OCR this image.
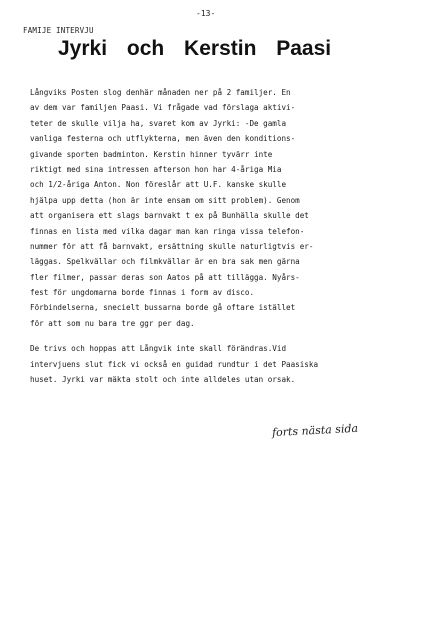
-13-
FAMIJE INTERVJU
Jyrki och Kerstin Paasi
Långviks Posten slog denhär månaden ner på 2 familjer. En
av dem var familjen Paasi. Vi frågade vad förslaga aktivi-
teter de skulle vilja ha, svaret kom av Jyrki: -De gamla
vanliga festerna och utflykterna, men även den konditions-
givande sporten badminton. Kerstin hinner tyvärr inte
riktigt med sina intressen afterson hon har 4-åriga Mia
och 1/2-åriga Anton. Non föreslår att U.F. kanske skulle
hjälpa upp detta (hon är inte ensam om sitt problem). Genom
att organisera ett slags barnvakt t ex på Bunhälla skulle det
finnas en lista med vilka dagar man kan ringa vissa telefon-
nummer för att få barnvakt, ersättning skulle naturligtvis er-
läggas. Spelkvällar och filmkvällar är en bra sak men gärna
fler filmer, passar deras son Aatos på att tillägga. Nyårs-
fest för ungdomarna borde finnas i form av disco.
Förbindelserna, snecielt bussarna borde gå oftare istället
för att som nu bara tre ggr per dag.
De trivs och hoppas att Långvik inte skall förändras.Vid
intervjuens slut fick vi också en guidad rundtur i det Paasiska
huset. Jyrki var mäkta stolt och inte alldeles utan orsak.
forts nästa sida
